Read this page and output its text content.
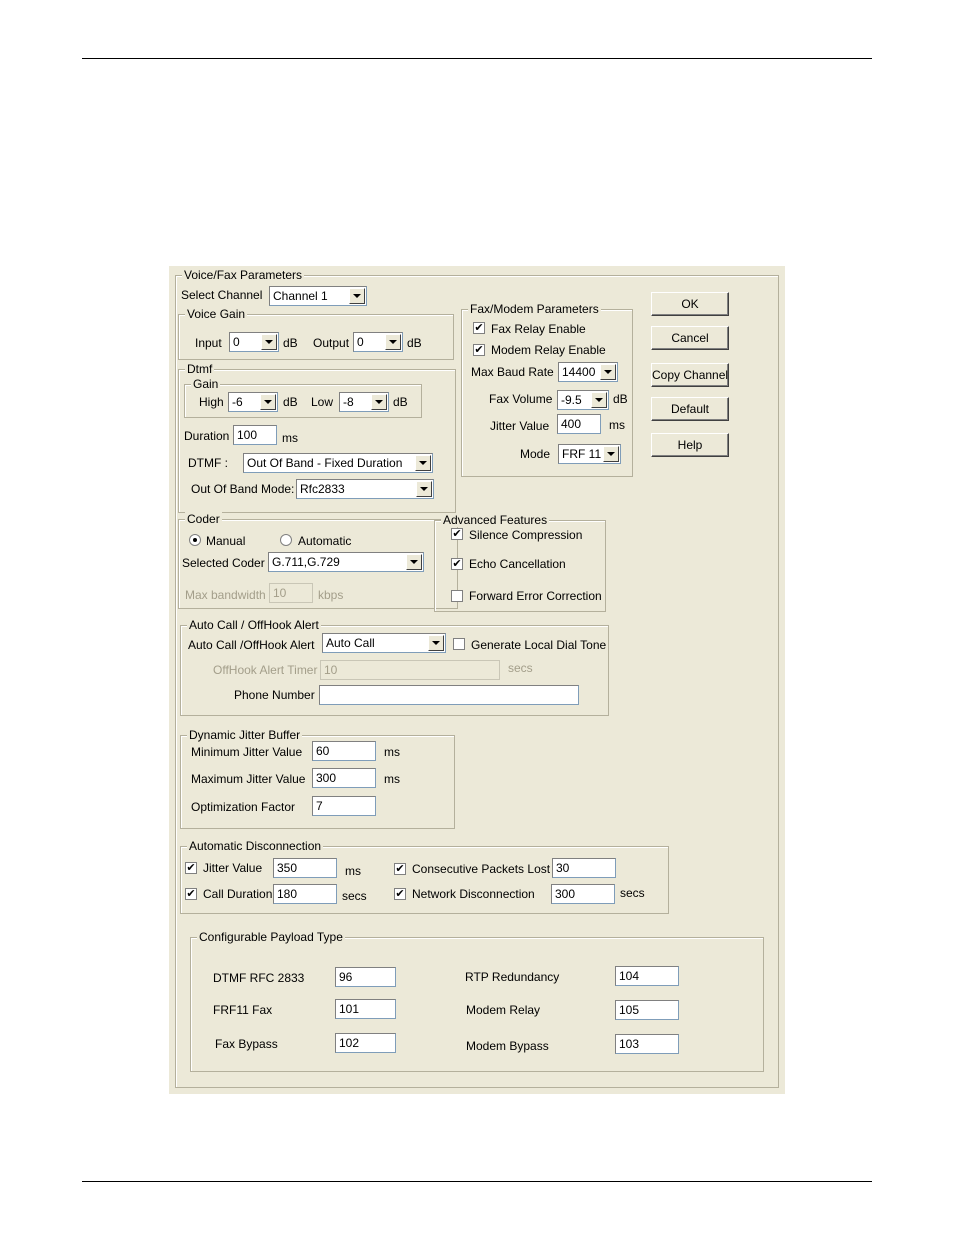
Voice/Fax Parameters
Select Channel Channel 1
Voice Gain
Input 0	dB Output 0	dB
Dtmf
Gain
High -6	dB Low -8	dB
Duration 100	ms
DTMF : Out Of Band - Fixed Duration
Out Of Band Mode: Rfc2833
Fax/Modem Parameters
✔ Fax Relay Enable
✔ Modem Relay Enable
Max Baud Rate 14400
Fax Volume -9.5	dB
Jitter Value 400	ms
Mode FRF 11
OK
Cancel
Copy Channel
Default
Help
Coder
Manual	Automatic
Selected Coder G.711,G.729
Max bandwidth 10	kbps
Advanced Features
✔ Silence Compression
✔ Echo Cancellation
Forward Error Correction
Auto Call / OffHook Alert
Auto Call /OffHook Alert Auto Call	Generate Local Dial Tone
OffHook Alert Timer 10	secs
Phone Number
Dynamic Jitter Buffer
Minimum Jitter Value	60	ms
Maximum Jitter Value 300	ms
Optimization Factor	7
Automatic Disconnection
✔ Jitter Value	350	ms	✔ Consecutive Packets Lost 30
✔ Call Duration 180	secs	✔ Network Disconnection	300	secs
Configurable Payload Type
DTMF RFC 2833	96	RTP Redundancy	104
FRF11 Fax	101	Modem Relay	105
Fax Bypass	102	Modem Bypass	103
